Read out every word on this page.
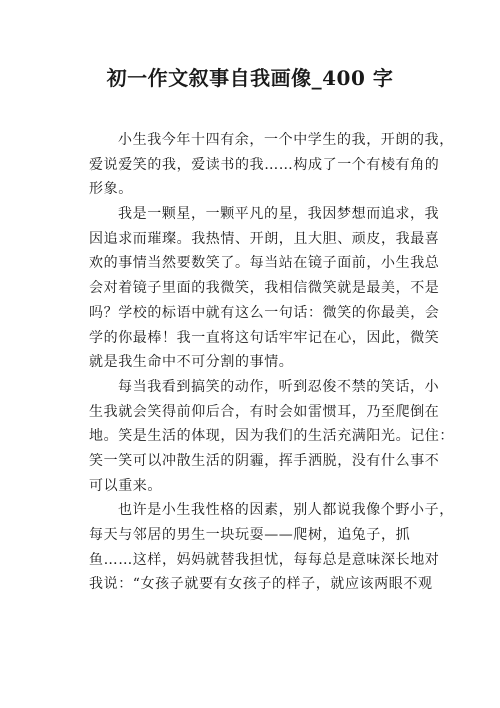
初一作文叙事自我画像_400 字
小生我今年十四有余，一个中学生的我，开朗的我，
爱说爱笑的我，爱读书的我……构成了一个有棱有角的
形象。
我是一颗星，一颗平凡的星，我因梦想而追求，我
因追求而璀璨。我热情、开朗，且大胆、顽皮，我最喜
欢的事情当然要数笑了。每当站在镜子面前，小生我总
会对着镜子里面的我微笑，我相信微笑就是最美，不是
吗？学校的标语中就有这么一句话：微笑的你最美，会
学的你最棒！我一直将这句话牢牢记在心，因此，微笑
就是我生命中不可分割的事情。
每当我看到搞笑的动作，听到忍俊不禁的笑话，小
生我就会笑得前仰后合，有时会如雷惯耳，乃至爬倒在
地。笑是生活的体现，因为我们的生活充满阳光。记住：
笑一笑可以冲散生活的阴霾，挥手洒脱，没有什么事不
可以重来。
也许是小生我性格的因素，别人都说我像个野小子，
每天与邻居的男生一块玩耍——爬树，追兔子，抓
鱼……这样，妈妈就替我担忧，每每总是意味深长地对
我说：“女孩子就要有女孩子的样子，就应该两眼不观
